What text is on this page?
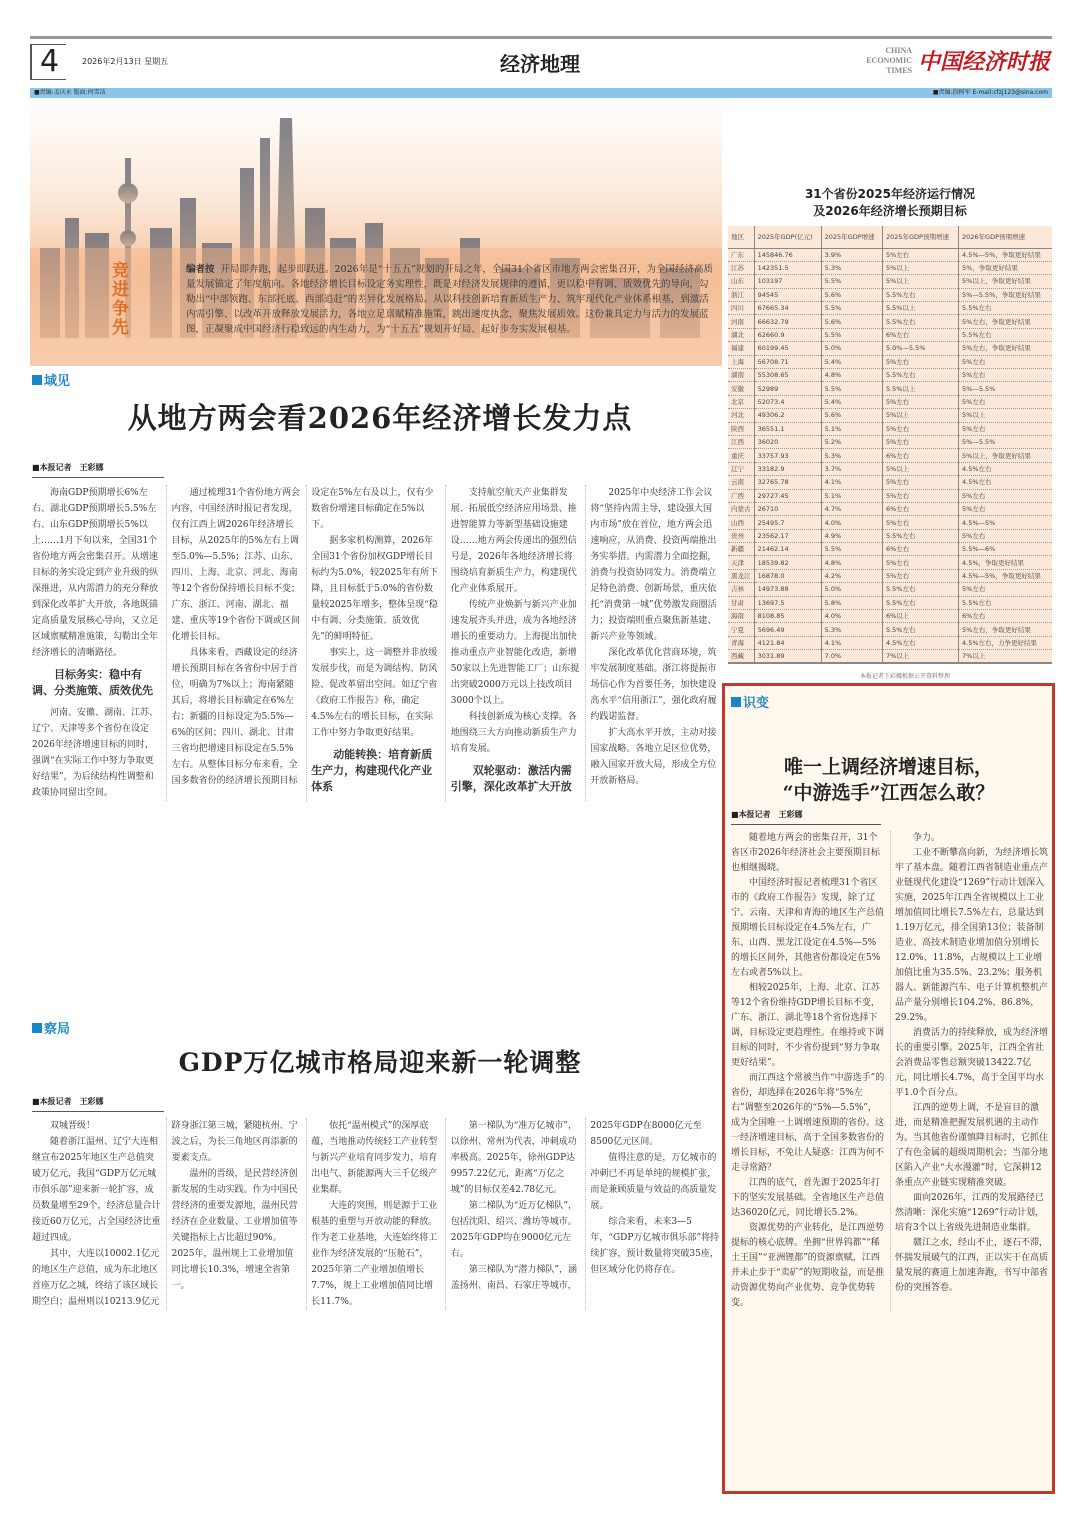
4	2026年2月13日 星期五	经济地理
CHINA
ECONOMIC
TIMES 中国经济时报
■责编:孟庆永 版面:何雪洁	■责编:段树军 E-mail:cfzj123@sina.com
竞进争先
编者按 开局即奔跑，起步即跃进。2026年是“十五五”规划的开局之年，全国31个省区市地方两会密集召开，为全国经济高质量发展锚定了年度航向。各地经济增长目标设定务实理性，既是对经济发展规律的遵循，更以稳中有调、质效优先的导向，勾勒出“中部领跑、东部托底、西部追赶”的差异化发展格局。从以科技创新培育新质生产力、筑牢现代化产业体系根基，到激活内需引擎、以改革开放释放发展活力，各地立足禀赋精准施策，跳出速度执念，聚焦发展质效。这份兼具定力与活力的发展蓝图，正凝聚成中国经济行稳致远的内生动力，为“十五五”规划开好局、起好步夯实发展根基。
31个省份2025年经济运行情况
及2026年经济增长预期目标
地区	2025年GDP(亿元)	2025年GDP增速	2025年GDP预期增速	2026年GDP预期增速
广东	145846.76	3.9%	5%左右	4.5%—5%，争取更好结果
江苏	142351.5	5.3%	5%以上	5%，争取更好结果
山东	103197	5.5%	5%以上	5%以上，争取更好结果
浙江	94545	5.6%	5.5%左右	5%—5.5%，争取更好结果
四川	67665.34	5.5%	5.5%以上	5.5%左右
河南	66632.79	5.6%	5.5%左右	5%左右，争取更好结果
湖北	62660.9	5.5%	6%左右	5.5%左右
福建	60199.45	5.0%	5.0%—5.5%	5%左右，争取更好结果
上海	56708.71	5.4%	5%左右	5%左右
湖南	55308.65	4.8%	5.5%左右	5%左右
安徽	52989	5.5%	5.5%以上	5%—5.5%
北京	52073.4	5.4%	5%左右	5%左右
河北	49306.2	5.6%	5%以上	5%以上
陕西	36551.1	5.1%	5%左右	5%左右
江西	36020	5.2%	5%左右	5%—5.5%
重庆	33757.93	5.3%	6%左右	5%以上，争取更好结果
辽宁	33182.9	3.7%	5%以上	4.5%左右
云南	32765.78	4.1%	5%左右	4.5%左右
广西	29727.45	5.1%	5%左右	5%左右
内蒙古	26710	4.7%	6%左右	5%左右
山西	25495.7	4.0%	5%左右	4.5%—5%
贵州	23562.17	4.9%	5.5%左右	5%左右
新疆	21462.14	5.5%	6%左右	5.5%—6%
天津	18539.82	4.8%	5%左右	4.5%，争取更好结果
黑龙江	16878.0	4.2%	5%左右	4.5%—5%，争取更好结果
吉林	14973.88	5.0%	5.5%左右	5%左右
甘肃	13697.5	5.8%	5.5%左右	5.5%左右
海南	8108.85	4.0%	6%以上	6%左右
宁夏	5696.49	5.3%	5.5%左右	5%左右，争取更好结果
青海	4121.84	4.1%	4.5%左右	4.5%左右，力争更好结果
西藏	3031.89	7.0%	7%以上	7%以上
本报记者王彩娜根据公开资料整理
域见
从地方两会看2026年经济增长发力点
■ 本报记者　王彩娜

海南GDP预期增长6%左右、湖北GDP预期增长5.5%左右、山东GDP预期增长5%以上……1月下旬以来，全国31个省份地方两会密集召开。从增速目标的务实设定到产业升级的纵深推进，从内需潜力的充分释放到深化改革扩大开放，各地既锚定高质量发展核心导向，又立足区域禀赋精准施策，勾勒出全年经济增长的清晰路径。

目标务实：稳中有调、分类施策、质效优先

河南、安徽、湖南、江苏、辽宁、天津等多个省份在设定2026年经济增速目标的同时，强调“在实际工作中努力争取更好结果”，为后续结构性调整和政策协同留出空间。

通过梳理31个省份地方两会内容，中国经济时报记者发现，仅有江西上调2026年经济增长目标，从2025年的5%左右上调至5.0%—5.5%；江苏、山东、四川、上海、北京、河北、海南等12个省份保持增长目标不变；广东、浙江、河南、湖北、福建、重庆等19个省份下调或区间化增长目标。

具体来看，西藏设定的经济增长预期目标在各省份中居于首位，明确为7%以上；海南紧随其后，将增长目标确定在6%左右；新疆的目标设定为5.5%—6%的区间；四川、湖北、甘肃三省均把增速目标设定在5.5%左右。从整体目标分布来看，全国多数省份的经济增长预期目标设定在5%左右及以上，仅有少数省份增速目标确定在5%以下。

据多家机构测算，2026年全国31个省份加权GDP增长目标约为5.0%，较2025年有所下降，且目标低于5.0%的省份数量较2025年增多，整体呈现“稳中有调、分类施策、质效优先”的鲜明特征。

事实上，这一调整并非放缓发展步伐，而是为调结构、防风险、促改革留出空间。如辽宁省《政府工作报告》称，确定4.5%左右的增长目标，在实际工作中努力争取更好结果。

动能转换：培育新质生产力，构建现代化产业体系

支持航空航天产业集群发展、拓展低空经济应用场景、推进智能算力等新型基础设施建设……地方两会传递出的强烈信号是，2026年各地经济增长将围绕培育新质生产力，构建现代化产业体系展开。

传统产业焕新与新兴产业加速发展齐头并进，成为各地经济增长的重要动力。上海提出加快推动重点产业智能化改造，新增50家以上先进智能工厂；山东提出突破2000万元以上技改项目3000个以上。

科技创新成为核心支撑。各地围绕三大方向推动新质生产力培育发展。

双轮驱动：激活内需引擎，深化改革扩大开放

2025年中央经济工作会议将“坚持内需主导，建设强大国内市场”放在首位，地方两会迅速响应，从消费、投资两端推出务实举措。内需潜力全面挖掘，消费与投资协同发力。消费端立足特色消费、创新场景，重庆依托“消费第一城”优势激发商圈活力；投资端则重点聚焦新基建、新兴产业等领域。

深化改革优化营商环境，筑牢发展制度基础。浙江将提振市场信心作为首要任务，加快建设高水平“信用浙江”，强化政府履约践诺监督。

扩大高水平开放，主动对接国家战略。各地立足区位优势，融入国家开放大局，形成全方位开放新格局。

察局
GDP万亿城市格局迎来新一轮调整
■ 本报记者　王彩娜

双城晋级！

随着浙江温州、辽宁大连相继宣布2025年地区生产总值突破万亿元，我国“GDP万亿元城市俱乐部”迎来新一轮扩容，成员数量增至29个，经济总量合计接近60万亿元，占全国经济比重超过四成。

其中，大连以10002.1亿元的地区生产总值，成为东北地区首座万亿之城，终结了该区域长期空白；温州则以10213.9亿元跻身浙江第三城，紧随杭州、宁波之后，为长三角地区再添新的要素支点。

温州的晋级，是民营经济创新发展的生动实践。作为中国民营经济的重要发源地，温州民营经济在企业数量、工业增加值等关键指标上占比超过90%。2025年，温州规上工业增加值同比增长10.3%，增速全省第一。

依托“温州模式”的深厚底蕴，当地推动传统轻工产业转型与新兴产业培育同步发力，培育出电气、新能源两大三千亿级产业集群。

大连的突围，则是源于工业根基的重塑与开放动能的释放。作为老工业基地，大连始终将工业作为经济发展的“压舱石”，2025年第二产业增加值增长7.7%，规上工业增加值同比增长11.7%。

第一梯队为“准万亿城市”，以徐州、常州为代表，冲刺成功率极高。2025年，徐州GDP达9957.22亿元，距离“万亿之城”的目标仅差42.78亿元。

第二梯队为“近万亿梯队”，包括沈阳、绍兴、潍坊等城市。2025年GDP均在9000亿元左右。

第三梯队为“潜力梯队”，涵盖扬州、南昌、石家庄等城市，2025年GDP在8000亿元至8500亿元区间。

值得注意的是，万亿城市的冲刺已不再是单纯的规模扩张，而是兼顾质量与效益的高质量发展。

综合来看，未来3—5年，“GDP万亿城市俱乐部”将持续扩容，预计数量将突破35座，但区域分化仍将存在。

识变
唯一上调经济增速目标，
“中游选手”江西怎么敢？
■ 本报记者　王彩娜

随着地方两会的密集召开，31个省区市2026年经济社会主要预期目标也相继揭晓。

中国经济时报记者梳理31个省区市的《政府工作报告》发现，除了辽宁、云南、天津和青海的地区生产总值预期增长目标设定在4.5%左右，广东、山西、黑龙江设定在4.5%—5%的增长区间外，其他省份都设定在5%左右或者5%以上。

相较2025年，上海、北京、江苏等12个省份维持GDP增长目标不变，广东、浙江、湖北等18个省份选择下调，目标设定更趋理性。在维持或下调目标的同时，不少省份提到“努力争取更好结果”。

而江西这个常被当作“中游选手”的省份，却选择在2026年将“5%左右”调整至2026年的“5%—5.5%”，成为全国唯一上调增速预期的省份。这一经济增速目标，高于全国多数省份的增长目标，不免让人疑惑：江西为何不走寻常路？

江西的底气，首先源于2025年打下的坚实发展基础。全省地区生产总值达36020亿元，同比增长5.2%。

资源优势的产业转化，是江西逆势提标的核心底牌。坐拥“世界钨都”“稀土王国”“亚洲锂都”的资源禀赋，江西并未止步于“卖矿”的短期收益，而是推动资源优势向产业优势、竞争优势转变。

争力。

工业不断攀高向新，为经济增长筑牢了基本盘。随着江西省制造业重点产业链现代化建设“1269”行动计划深入实施，2025年江西全省规模以上工业增加值同比增长7.5%左右，总量达到1.19万亿元，排全国第13位；装备制造业、高技术制造业增加值分别增长12.0%、11.8%，占规模以上工业增加值比重为35.5%、23.2%；服务机器人、新能源汽车、电子计算机整机产品产量分别增长104.2%、86.8%、29.2%。

消费活力的持续释放，成为经济增长的重要引擎。2025年，江西全省社会消费品零售总额突破13422.7亿元，同比增长4.7%，高于全国平均水平1.0个百分点。

江西的逆势上调，不是盲目的激进，而是精准把握发展机遇的主动作为。当其他省份谨慎降目标时，它抓住了有色金属的超级周期机会；当部分地区陷入产业“大水漫灌”时，它深耕12条重点产业链实现精准突破。

面向2026年，江西的发展路径已然清晰：深化实施“1269”行动计划，培育3个以上省级先进制造业集群。

赣江之水，经山不止，逐石不滞，怀揣发展破气的江西，正以实干在高质量发展的赛道上加速奔跑，书写中部省份的突围答卷。
